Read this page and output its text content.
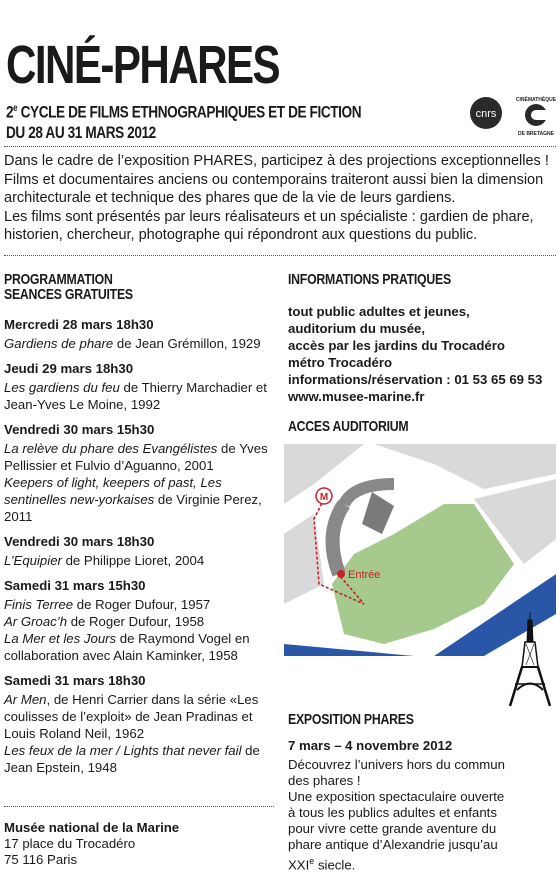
CINÉ-PHARES
2e CYCLE DE FILMS ETHNOGRAPHIQUES ET DE FICTION
DU 28 AU 31 MARS 2012
cnrs
CINÉMATHÈQUE
DE BRETAGNE

Dans le cadre de l’exposition PHARES, participez à des projections exceptionnelles ! Films et documentaires anciens ou contemporains traiteront aussi bien la dimension architecturale et technique des phares que de la vie de leurs gardiens.

Les films sont présentés par leurs réalisateurs et un spécialiste : gardien de phare, historien, chercheur, photographe qui répondront aux questions du public.

PROGRAMMATION
SEANCES GRATUITES
Mercredi 28 mars 18h30

Gardiens de phare de Jean Grémillon, 1929

Jeudi 29 mars 18h30

Les gardiens du feu de Thierry Marchadier et Jean-Yves Le Moine, 1992

Vendredi 30 mars 15h30

La relève du phare des Evangélistes de Yves Pellissier et Fulvio d’Aguanno, 2001

Keepers of light, keepers of past, Les sentinelles new-yorkaises de Virginie Perez, 2011

Vendredi 30 mars 18h30

L’Equipier de Philippe Lioret, 2004

Samedi 31 mars 15h30

Finis Terree de Roger Dufour, 1957

Ar Groac’h de Roger Dufour, 1958

La Mer et les Jours de Raymond Vogel en collaboration avec Alain Kaminker, 1958

Samedi 31 mars 18h30

Ar Men, de Henri Carrier dans la série «Les coulisses de l’exploit» de Jean Pradinas et Louis Roland Neil, 1962

Les feux de la mer / Lights that never fail de Jean Epstein, 1948

Musée national de la Marine
17 place du Trocadéro
75 116 Paris
INFORMATIONS PRATIQUES
tout public adultes et jeunes,
auditorium du musée,
accès par les jardins du Trocadéro
métro Trocadéro
informations/réservation : 01 53 65 69 53
www.musee-marine.fr
ACCES AUDITORIUM
M
Entrée
EXPOSITION PHARES
7 mars – 4 novembre 2012
Découvrez l’univers hors du commun des phares !
Une exposition spectaculaire ouverte à tous les publics adultes et enfants pour vivre cette grande aventure du phare antique d’Alexandrie jusqu’au XXIe siecle.
